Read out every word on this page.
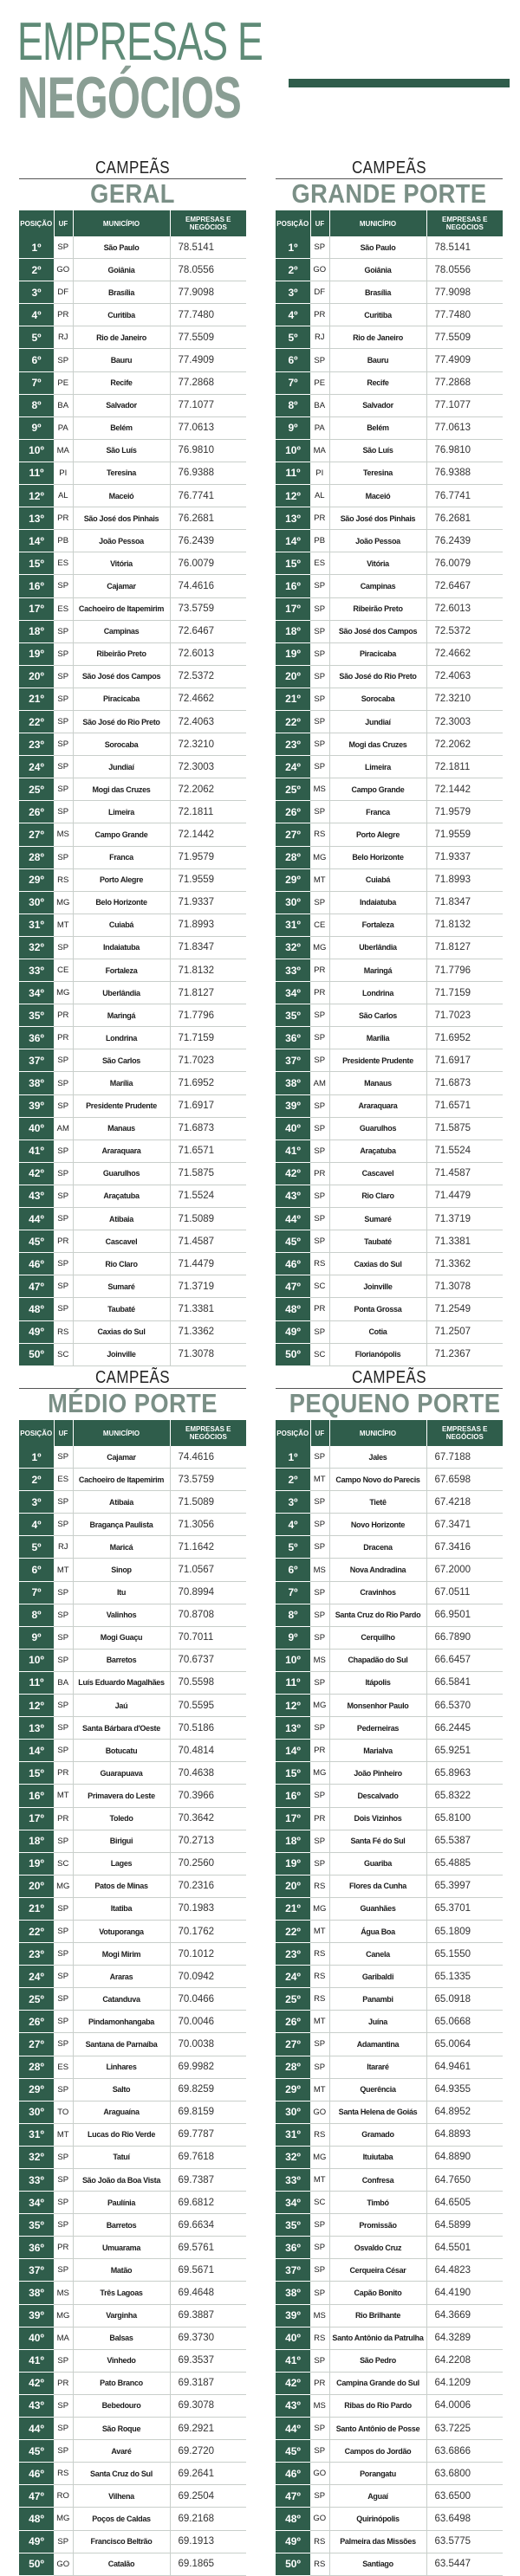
EMPRESAS E
NEGÓCIOS
CAMPEÃS
GERAL
POSIÇÃO	UF	MUNICÍPIO	EMPRESAS E NEGÓCIOS
1º	SP	São Paulo	78.5141
2º	GO	Goiânia	78.0556
3º	DF	Brasília	77.9098
4º	PR	Curitiba	77.7480
5º	RJ	Rio de Janeiro	77.5509
6º	SP	Bauru	77.4909
7º	PE	Recife	77.2868
8º	BA	Salvador	77.1077
9º	PA	Belém	77.0613
10º	MA	São Luís	76.9810
11º	PI	Teresina	76.9388
12º	AL	Maceió	76.7741
13º	PR	São José dos Pinhais	76.2681
14º	PB	João Pessoa	76.2439
15º	ES	Vitória	76.0079
16º	SP	Cajamar	74.4616
17º	ES	Cachoeiro de Itapemirim	73.5759
18º	SP	Campinas	72.6467
19º	SP	Ribeirão Preto	72.6013
20º	SP	São José dos Campos	72.5372
21º	SP	Piracicaba	72.4662
22º	SP	São José do Rio Preto	72.4063
23º	SP	Sorocaba	72.3210
24º	SP	Jundiaí	72.3003
25º	SP	Mogi das Cruzes	72.2062
26º	SP	Limeira	72.1811
27º	MS	Campo Grande	72.1442
28º	SP	Franca	71.9579
29º	RS	Porto Alegre	71.9559
30º	MG	Belo Horizonte	71.9337
31º	MT	Cuiabá	71.8993
32º	SP	Indaiatuba	71.8347
33º	CE	Fortaleza	71.8132
34º	MG	Uberlândia	71.8127
35º	PR	Maringá	71.7796
36º	PR	Londrina	71.7159
37º	SP	São Carlos	71.7023
38º	SP	Marília	71.6952
39º	SP	Presidente Prudente	71.6917
40º	AM	Manaus	71.6873
41º	SP	Araraquara	71.6571
42º	SP	Guarulhos	71.5875
43º	SP	Araçatuba	71.5524
44º	SP	Atibaia	71.5089
45º	PR	Cascavel	71.4587
46º	SP	Rio Claro	71.4479
47º	SP	Sumaré	71.3719
48º	SP	Taubaté	71.3381
49º	RS	Caxias do Sul	71.3362
50º	SC	Joinville	71.3078
CAMPEÃS
GRANDE PORTE
POSIÇÃO	UF	MUNICÍPIO	EMPRESAS E NEGÓCIOS
1º	SP	São Paulo	78.5141
2º	GO	Goiânia	78.0556
3º	DF	Brasília	77.9098
4º	PR	Curitiba	77.7480
5º	RJ	Rio de Janeiro	77.5509
6º	SP	Bauru	77.4909
7º	PE	Recife	77.2868
8º	BA	Salvador	77.1077
9º	PA	Belém	77.0613
10º	MA	São Luís	76.9810
11º	PI	Teresina	76.9388
12º	AL	Maceió	76.7741
13º	PR	São José dos Pinhais	76.2681
14º	PB	João Pessoa	76.2439
15º	ES	Vitória	76.0079
16º	SP	Campinas	72.6467
17º	SP	Ribeirão Preto	72.6013
18º	SP	São José dos Campos	72.5372
19º	SP	Piracicaba	72.4662
20º	SP	São José do Rio Preto	72.4063
21º	SP	Sorocaba	72.3210
22º	SP	Jundiaí	72.3003
23º	SP	Mogi das Cruzes	72.2062
24º	SP	Limeira	72.1811
25º	MS	Campo Grande	72.1442
26º	SP	Franca	71.9579
27º	RS	Porto Alegre	71.9559
28º	MG	Belo Horizonte	71.9337
29º	MT	Cuiabá	71.8993
30º	SP	Indaiatuba	71.8347
31º	CE	Fortaleza	71.8132
32º	MG	Uberlândia	71.8127
33º	PR	Maringá	71.7796
34º	PR	Londrina	71.7159
35º	SP	São Carlos	71.7023
36º	SP	Marília	71.6952
37º	SP	Presidente Prudente	71.6917
38º	AM	Manaus	71.6873
39º	SP	Araraquara	71.6571
40º	SP	Guarulhos	71.5875
41º	SP	Araçatuba	71.5524
42º	PR	Cascavel	71.4587
43º	SP	Rio Claro	71.4479
44º	SP	Sumaré	71.3719
45º	SP	Taubaté	71.3381
46º	RS	Caxias do Sul	71.3362
47º	SC	Joinville	71.3078
48º	PR	Ponta Grossa	71.2549
49º	SP	Cotia	71.2507
50º	SC	Florianópolis	71.2367
CAMPEÃS
MÉDIO PORTE
POSIÇÃO	UF	MUNICÍPIO	EMPRESAS E NEGÓCIOS
1º	SP	Cajamar	74.4616
2º	ES	Cachoeiro de Itapemirim	73.5759
3º	SP	Atibaia	71.5089
4º	SP	Bragança Paulista	71.3056
5º	RJ	Maricá	71.1642
6º	MT	Sinop	71.0567
7º	SP	Itu	70.8994
8º	SP	Valinhos	70.8708
9º	SP	Mogi Guaçu	70.7011
10º	SP	Barretos	70.6737
11º	BA	Luís Eduardo Magalhães	70.5598
12º	SP	Jaú	70.5595
13º	SP	Santa Bárbara d'Oeste	70.5186
14º	SP	Botucatu	70.4814
15º	PR	Guarapuava	70.4638
16º	MT	Primavera do Leste	70.3966
17º	PR	Toledo	70.3642
18º	SP	Birigui	70.2713
19º	SC	Lages	70.2560
20º	MG	Patos de Minas	70.2316
21º	SP	Itatiba	70.1983
22º	SP	Votuporanga	70.1762
23º	SP	Mogi Mirim	70.1012
24º	SP	Araras	70.0942
25º	SP	Catanduva	70.0466
26º	SP	Pindamonhangaba	70.0046
27º	SP	Santana de Parnaíba	70.0038
28º	ES	Linhares	69.9982
29º	SP	Salto	69.8259
30º	TO	Araguaína	69.8159
31º	MT	Lucas do Rio Verde	69.7787
32º	SP	Tatuí	69.7618
33º	SP	São João da Boa Vista	69.7387
34º	SP	Paulínia	69.6812
35º	SP	Barretos	69.6634
36º	PR	Umuarama	69.5761
37º	SP	Matão	69.5671
38º	MS	Três Lagoas	69.4648
39º	MG	Varginha	69.3887
40º	MA	Balsas	69.3730
41º	SP	Vinhedo	69.3537
42º	PR	Pato Branco	69.3187
43º	SP	Bebedouro	69.3078
44º	SP	São Roque	69.2921
45º	SP	Avaré	69.2720
46º	RS	Santa Cruz do Sul	69.2641
47º	RO	Vilhena	69.2504
48º	MG	Poços de Caldas	69.2168
49º	SP	Francisco Beltrão	69.1913
50º	GO	Catalão	69.1865
CAMPEÃS
PEQUENO PORTE
POSIÇÃO	UF	MUNICÍPIO	EMPRESAS E NEGÓCIOS
1º	SP	Jales	67.7188
2º	MT	Campo Novo do Parecis	67.6598
3º	SP	Tietê	67.4218
4º	SP	Novo Horizonte	67.3471
5º	SP	Dracena	67.3416
6º	MS	Nova Andradina	67.2000
7º	SP	Cravinhos	67.0511
8º	SP	Santa Cruz do Rio Pardo	66.9501
9º	SP	Cerquilho	66.7890
10º	MS	Chapadão do Sul	66.6457
11º	SP	Itápolis	66.5841
12º	MG	Monsenhor Paulo	66.5370
13º	SP	Pederneiras	66.2445
14º	PR	Marialva	65.9251
15º	MG	João Pinheiro	65.8963
16º	SP	Descalvado	65.8322
17º	PR	Dois Vizinhos	65.8100
18º	SP	Santa Fé do Sul	65.5387
19º	SP	Guariba	65.4885
20º	RS	Flores da Cunha	65.3997
21º	MG	Guanhães	65.3701
22º	MT	Água Boa	65.1809
23º	RS	Canela	65.1550
24º	RS	Garibaldi	65.1335
25º	RS	Panambi	65.0918
26º	MT	Juína	65.0668
27º	SP	Adamantina	65.0064
28º	SP	Itararé	64.9461
29º	MT	Querência	64.9355
30º	GO	Santa Helena de Goiás	64.8952
31º	RS	Gramado	64.8893
32º	MG	Ituiutaba	64.8890
33º	MT	Confresa	64.7650
34º	SC	Timbó	64.6505
35º	SP	Promissão	64.5899
36º	SP	Osvaldo Cruz	64.5501
37º	SP	Cerqueira César	64.4823
38º	SP	Capão Bonito	64.4190
39º	MS	Rio Brilhante	64.3669
40º	RS	Santo Antônio da Patrulha	64.3289
41º	SP	São Pedro	64.2208
42º	PR	Campina Grande do Sul	64.1209
43º	MS	Ribas do Rio Pardo	64.0006
44º	SP	Santo Antônio de Posse	63.7225
45º	SP	Campos do Jordão	63.6866
46º	GO	Porangatu	63.6800
47º	SP	Aguaí	63.6500
48º	GO	Quirinópolis	63.6498
49º	RS	Palmeira das Missões	63.5775
50º	RS	Santiago	63.5447
